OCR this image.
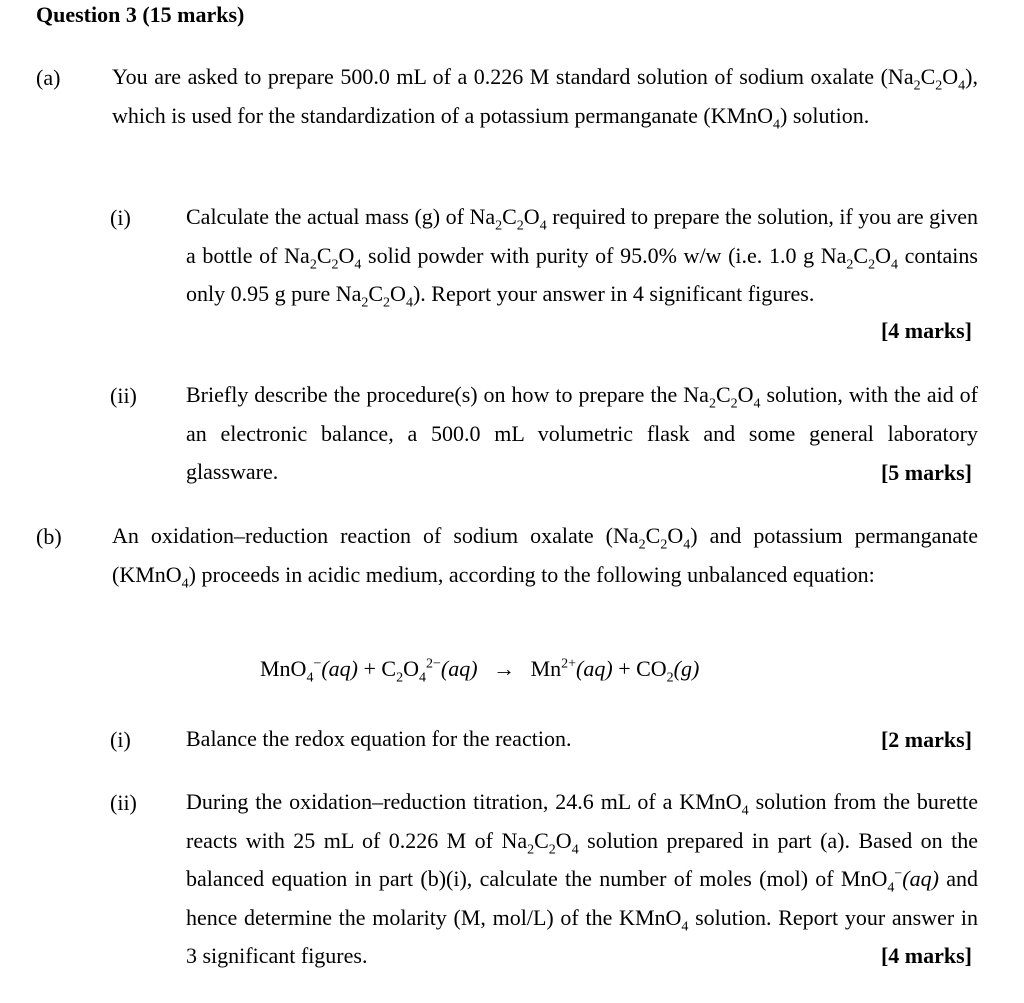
Question 3 (15 marks)
(a) You are asked to prepare 500.0 mL of a 0.226 M standard solution of sodium oxalate $(Na_2C_2O_4)$, which is used for the standardization of a potassium permanganate (KMnO$_4$) solution.
(i)	Calculate the actual mass (g) of $Na_2C_2O_4$ required to prepare the solution, if you are given a bottle of $Na_2C_2O_4$ solid powder with purity of 95.0% w/w (i.e. 1.0 g $Na_2C_2O_4$ contains only 0.95 g pure $Na_2C_2O_4$). Report your answer in 4 significant figures.
[4 marks]
(ii) Briefly describe the procedure(s) on how to prepare the $Na_2C_2O_4$ solution, with the aid of an electronic balance, a 500.0 mL volumetric flask and some general laboratory glassware.	[5 marks]
(b) An oxidation–reduction reaction of sodium oxalate $(Na_2C_2O_4)$ and potassium permanganate (KMnO$_4$) proceeds in acidic medium, according to the following unbalanced equation:
$MnO_4^-(aq) + C_2O_4^{2-}(aq) \to Mn^{2+}(aq) + CO_2(g)$
(i)	Balance the redox equation for the reaction.	[2 marks]
(ii) During the oxidation–reduction titration, 24.6 mL of a KMnO$_4$ solution from the burette reacts with 25 mL of 0.226 M of $Na_2C_2O_4$ solution prepared in part (a). Based on the balanced equation in part (b)(i), calculate the number of moles (mol) of MnO$_4$−(aq) and hence determine the molarity (M, mol/L) of the KMnO$_4$ solution. Report your answer in 3 significant figures.	[4 marks]
